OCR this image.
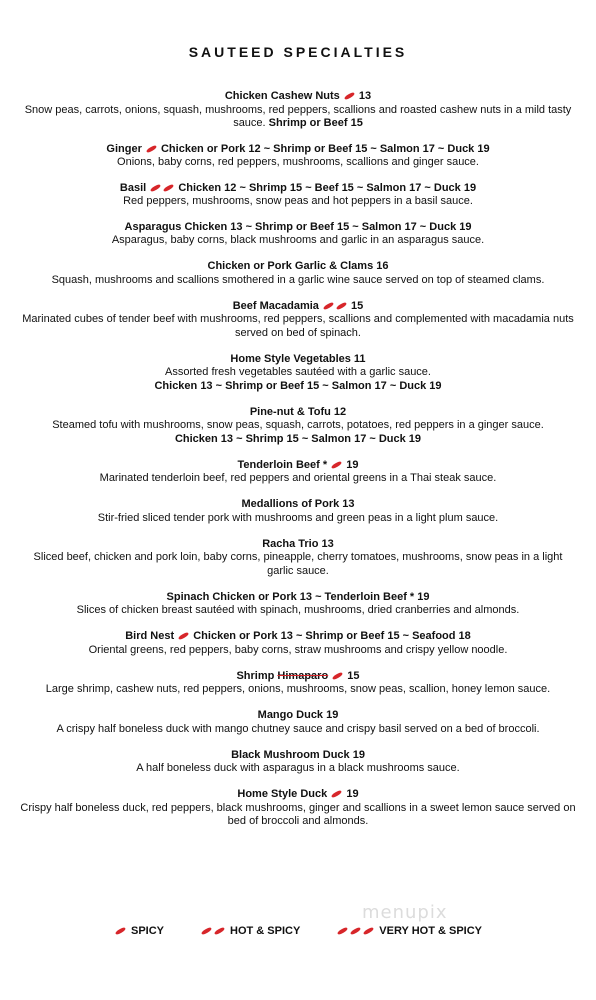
SAUTEED SPECIALTIES
Chicken Cashew Nuts 13
Snow peas, carrots, onions, squash, mushrooms, red peppers, scallions and roasted cashew nuts in a mild tasty sauce. Shrimp or Beef 15
Ginger Chicken or Pork 12 ~ Shrimp or Beef 15 ~ Salmon 17 ~ Duck 19
Onions, baby corns, red peppers, mushrooms, scallions and ginger sauce.
Basil	Chicken 12 ~ Shrimp 15 ~ Beef 15 ~ Salmon 17 ~ Duck 19
Red peppers, mushrooms, snow peas and hot peppers in a basil sauce.
Asparagus Chicken 13 ~ Shrimp or Beef 15 ~ Salmon 17 ~ Duck 19
Asparagus, baby corns, black mushrooms and garlic in an asparagus sauce.
Chicken or Pork Garlic & Clams 16
Squash, mushrooms and scallions smothered in a garlic wine sauce served on top of steamed clams.
Beef Macadamia	15
Marinated cubes of tender beef with mushrooms, red peppers, scallions and complemented with macadamia nuts served on bed of spinach.
Home Style Vegetables 11
Assorted fresh vegetables sautéed with a garlic sauce.
Chicken 13 ~ Shrimp or Beef 15 ~ Salmon 17 ~ Duck 19
Pine-nut & Tofu 12
Steamed tofu with mushrooms, snow peas, squash, carrots, potatoes, red peppers in a ginger sauce.
Chicken 13 ~ Shrimp 15 ~ Salmon 17 ~ Duck 19
Tenderloin Beef * 19
Marinated tenderloin beef, red peppers and oriental greens in a Thai steak sauce.
Medallions of Pork 13
Stir-fried sliced tender pork with mushrooms and green peas in a light plum sauce.
Racha Trio 13
Sliced beef, chicken and pork loin, baby corns, pineapple, cherry tomatoes, mushrooms, snow peas in a light garlic sauce.
Spinach Chicken or Pork 13 ~ Tenderloin Beef * 19
Slices of chicken breast sautéed with spinach, mushrooms, dried cranberries and almonds.
Bird Nest Chicken or Pork 13 ~ Shrimp or Beef 15 ~ Seafood 18
Oriental greens, red peppers, baby corns, straw mushrooms and crispy yellow noodle.
Shrimp Himaparo 15
Large shrimp, cashew nuts, red peppers, onions, mushrooms, snow peas, scallion, honey lemon sauce.
Mango Duck 19
A crispy half boneless duck with mango chutney sauce and crispy basil served on a bed of broccoli.
Black Mushroom Duck 19
A half boneless duck with asparagus in a black mushrooms sauce.
Home Style Duck 19
Crispy half boneless duck, red peppers, black mushrooms, ginger and scallions in a sweet lemon sauce served on bed of broccoli and almonds.
menupix
SPICY	HOT & SPICY	VERY HOT & SPICY
